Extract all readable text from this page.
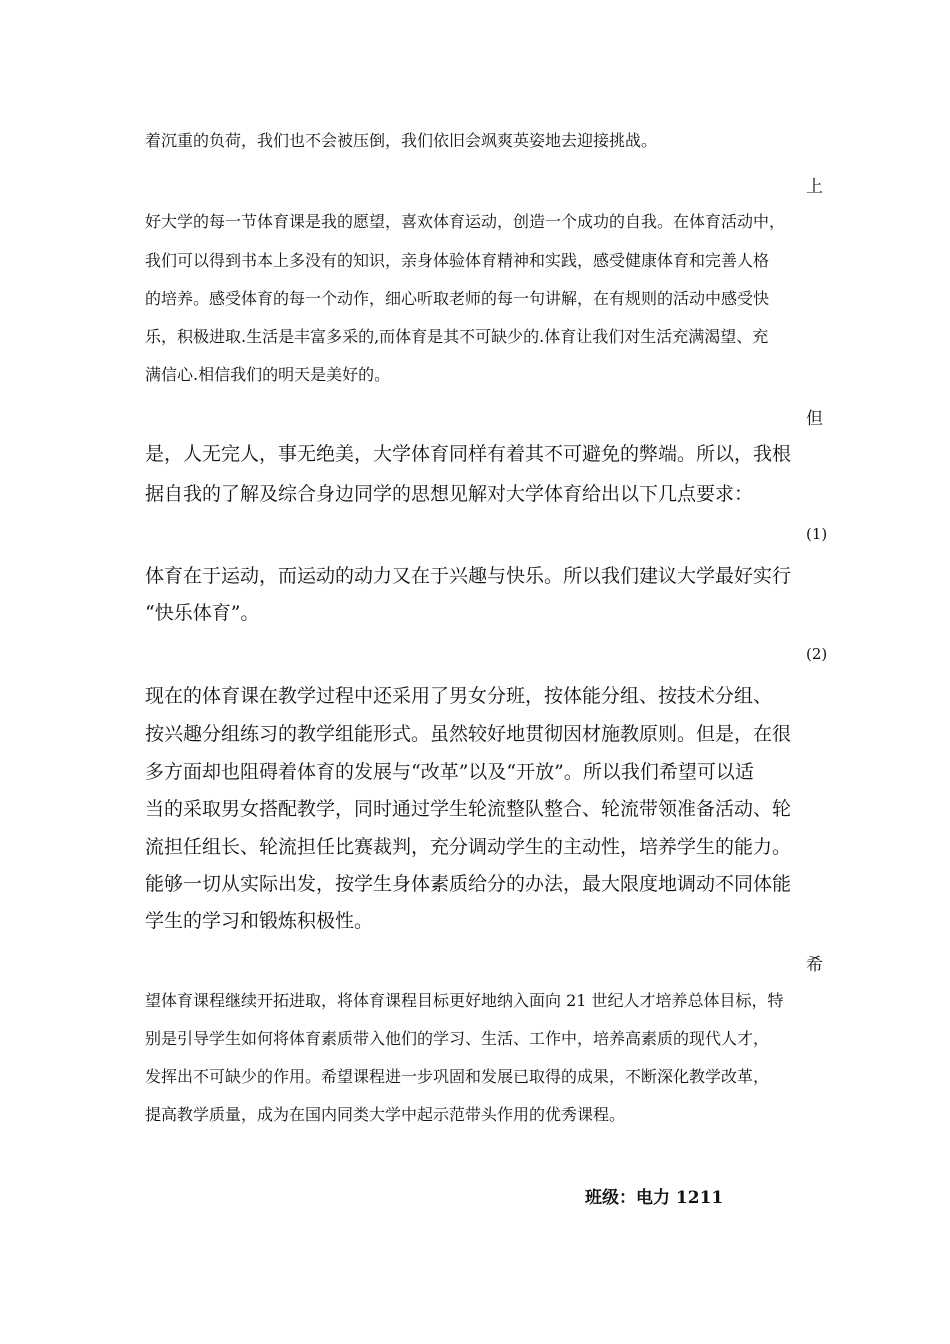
着沉重的负荷，我们也不会被压倒，我们依旧会飒爽英姿地去迎接挑战。
上
好大学的每一节体育课是我的愿望，喜欢体育运动，创造一个成功的自我。在体育活动中，
我们可以得到书本上多没有的知识，亲身体验体育精神和实践，感受健康体育和完善人格
的培养。感受体育的每一个动作，细心听取老师的每一句讲解，在有规则的活动中感受快
乐，积极进取.生活是丰富多采的,而体育是其不可缺少的.体育让我们对生活充满渴望、充
满信心.相信我们的明天是美好的。
但
是，人无完人，事无绝美，大学体育同样有着其不可避免的弊端。所以，我根
据自我的了解及综合身边同学的思想见解对大学体育给出以下几点要求：
(1)
体育在于运动，而运动的动力又在于兴趣与快乐。所以我们建议大学最好实行
“快乐体育”。
(2)
现在的体育课在教学过程中还采用了男女分班，按体能分组、按技术分组、
按兴趣分组练习的教学组能形式。虽然较好地贯彻因材施教原则。但是，在很
多方面却也阻碍着体育的发展与“改革”以及“开放”。所以我们希望可以适
当的采取男女搭配教学，同时通过学生轮流整队整合、轮流带领准备活动、轮
流担任组长、轮流担任比赛裁判，充分调动学生的主动性，培养学生的能力。
能够一切从实际出发，按学生身体素质给分的办法，最大限度地调动不同体能
学生的学习和锻炼积极性。
希
望体育课程继续开拓进取，将体育课程目标更好地纳入面向 21 世纪人才培养总体目标，特
别是引导学生如何将体育素质带入他们的学习、生活、工作中，培养高素质的现代人才，
发挥出不可缺少的作用。希望课程进一步巩固和发展已取得的成果，不断深化教学改革，
提高教学质量，成为在国内同类大学中起示范带头作用的优秀课程。
班级：电力 1211
